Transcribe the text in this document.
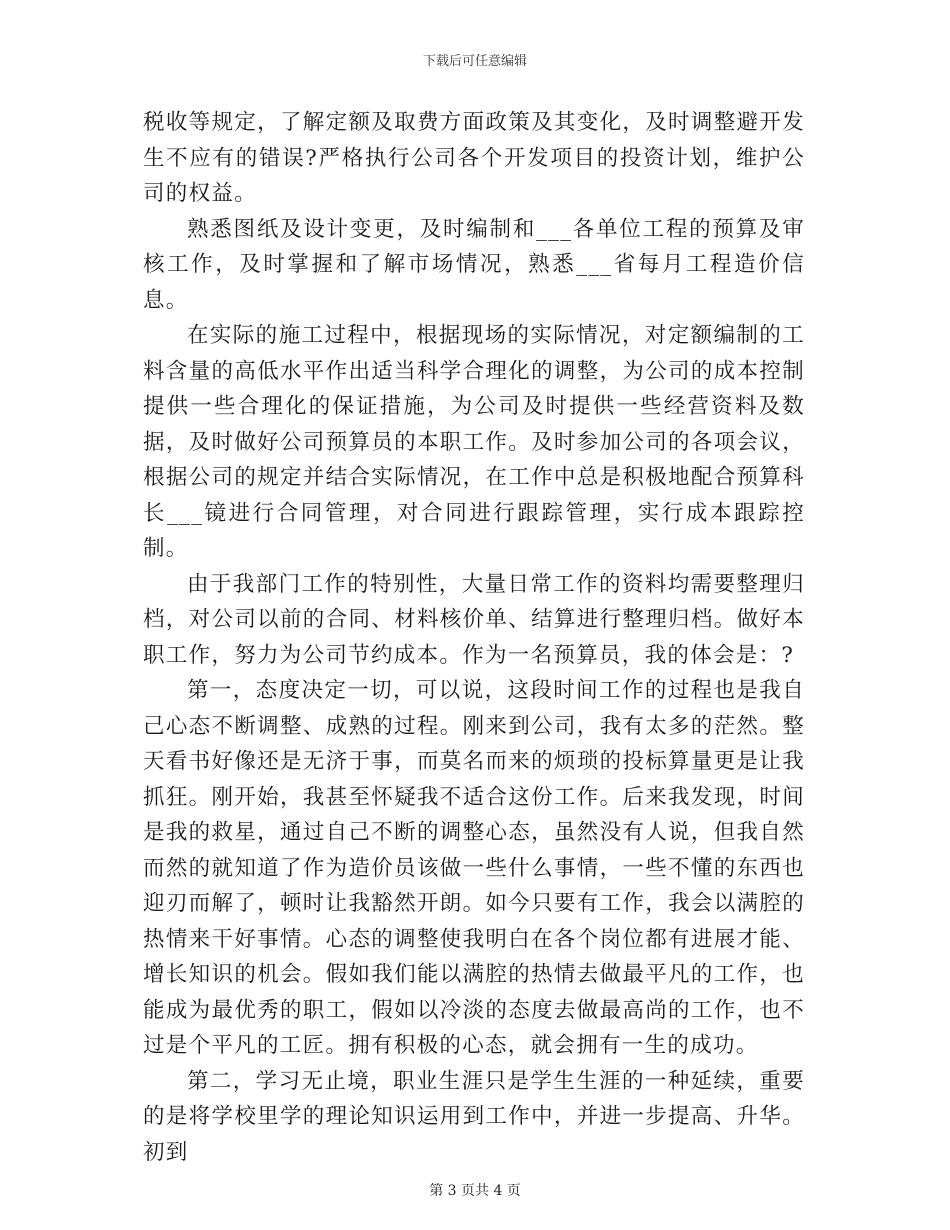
下载后可任意编辑

税收等规定，了解定额及取费方面政策及其变化，及时调整避开发生不应有的错误?严格执行公司各个开发项目的投资计划，维护公司的权益。

熟悉图纸及设计变更，及时编制和___各单位工程的预算及审核工作，及时掌握和了解市场情况，熟悉___省每月工程造价信息。

在实际的施工过程中，根据现场的实际情况，对定额编制的工料含量的高低水平作出适当科学合理化的调整，为公司的成本控制提供一些合理化的保证措施，为公司及时提供一些经营资料及数据，及时做好公司预算员的本职工作。及时参加公司的各项会议，根据公司的规定并结合实际情况，在工作中总是积极地配合预算科长___镜进行合同管理，对合同进行跟踪管理，实行成本跟踪控制。

由于我部门工作的特别性，大量日常工作的资料均需要整理归档，对公司以前的合同、材料核价单、结算进行整理归档。做好本职工作，努力为公司节约成本。作为一名预算员，我的体会是：?

第一，态度决定一切，可以说，这段时间工作的过程也是我自己心态不断调整、成熟的过程。刚来到公司，我有太多的茫然。整天看书好像还是无济于事，而莫名而来的烦琐的投标算量更是让我抓狂。刚开始，我甚至怀疑我不适合这份工作。后来我发现，时间是我的救星，通过自己不断的调整心态，虽然没有人说，但我自然而然的就知道了作为造价员该做一些什么事情，一些不懂的东西也迎刃而解了，顿时让我豁然开朗。如今只要有工作，我会以满腔的热情来干好事情。心态的调整使我明白在各个岗位都有进展才能、增长知识的机会。假如我们能以满腔的热情去做最平凡的工作，也能成为最优秀的职工，假如以冷淡的态度去做最高尚的工作，也不过是个平凡的工匠。拥有积极的心态，就会拥有一生的成功。

第二，学习无止境，职业生涯只是学生生涯的一种延续，重要的是将学校里学的理论知识运用到工作中，并进一步提高、升华。初到

第 3 页共 4 页
